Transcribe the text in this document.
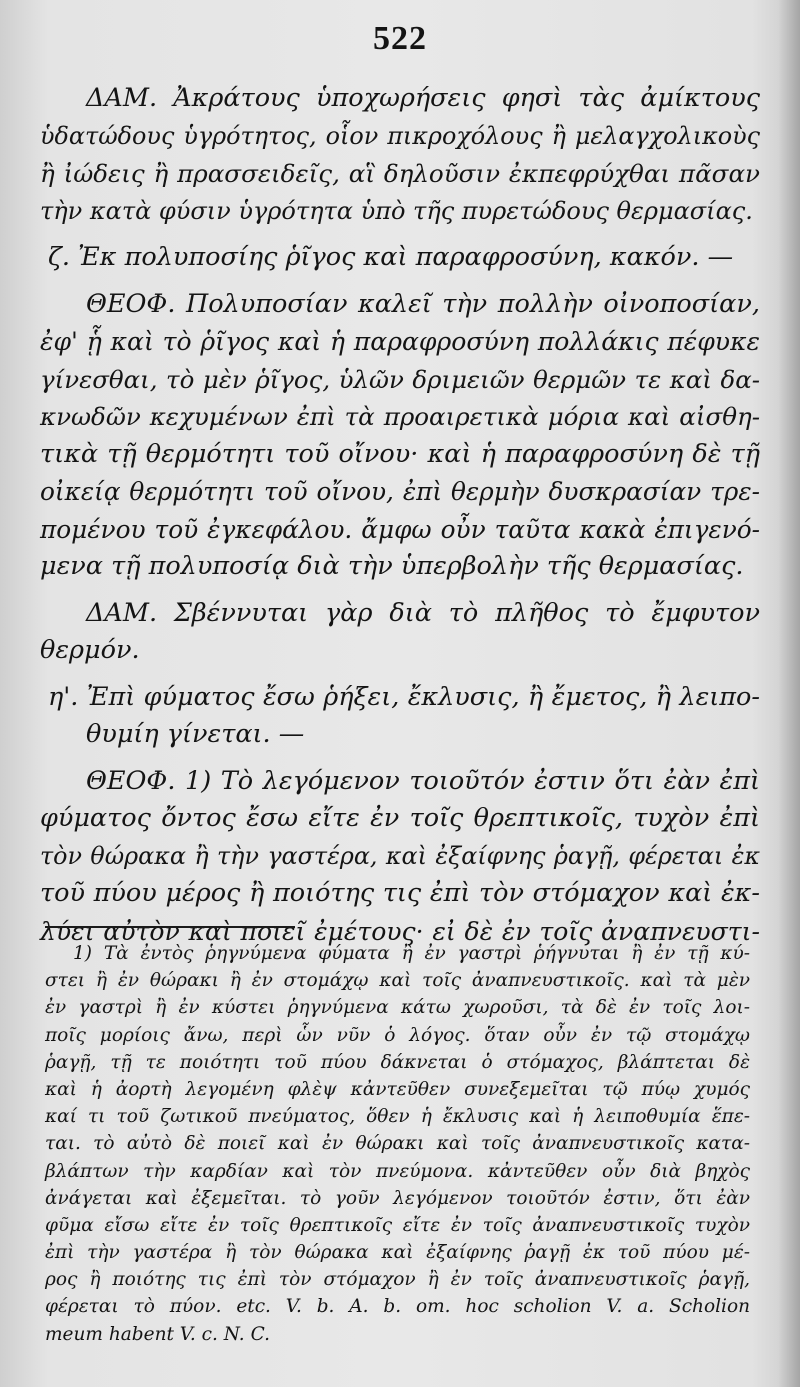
522
ΔΑΜ. Ἀκράτους ὑποχωρήσεις φησὶ τὰς ἀμίκτους
ὑδατώδους ὑγρότητος, οἷον πικροχόλους ἢ μελαγχολικοὺς
ἢ ἰώδεις ἢ πρασσειδεῖς, αἳ δηλοῦσιν ἐκπεφρύχθαι πᾶσαν
τὴν κατὰ φύσιν ὑγρότητα ὑπὸ τῆς πυρετώδους θερμασίας.
ζ. Ἐκ πολυποσίης ῥῖγος καὶ παραφροσύνη, κακόν. —
ΘΕΟΦ. Πολυποσίαν καλεῖ τὴν πολλὴν οἰνοποσίαν,
ἐφ' ᾗ καὶ τὸ ῥῖγος καὶ ἡ παραφροσύνη πολλάκις πέφυκε
γίνεσθαι, τὸ μὲν ῥῖγος, ὑλῶν δριμειῶν θερμῶν τε καὶ δα-
κνωδῶν κεχυμένων ἐπὶ τὰ προαιρετικὰ μόρια καὶ αἰσθη-
τικὰ τῇ θερμότητι τοῦ οἴνου· καὶ ἡ παραφροσύνη δὲ τῇ
οἰκείᾳ θερμότητι τοῦ οἴνου, ἐπὶ θερμὴν δυσκρασίαν τρε-
πομένου τοῦ ἐγκεφάλου. ἄμφω οὖν ταῦτα κακὰ ἐπιγενό-
μενα τῇ πολυποσίᾳ διὰ τὴν ὑπερβολὴν τῆς θερμασίας.
ΔΑΜ. Σβέννυται γὰρ διὰ τὸ πλῆθος τὸ ἔμφυτον
θερμόν.
η'. Ἐπὶ φύματος ἔσω ῥήξει, ἔκλυσις, ἢ ἔμετος, ἢ λειπο-
θυμίη γίνεται. —
ΘΕΟΦ. 1) Τὸ λεγόμενον τοιοῦτόν ἐστιν ὅτι ἐὰν ἐπὶ
φύματος ὄντος ἔσω εἴτε ἐν τοῖς θρεπτικοῖς, τυχὸν ἐπὶ
τὸν θώρακα ἢ τὴν γαστέρα, καὶ ἐξαίφνης ῥαγῇ, φέρεται ἐκ
τοῦ πύου μέρος ἢ ποιότης τις ἐπὶ τὸν στόμαχον καὶ ἐκ-
λύει αὐτὸν καὶ ποιεῖ ἐμέτους· εἰ δὲ ἐν τοῖς ἀναπνευστι-
1) Τὰ ἐντὸς ῥηγνύμενα φύματα ἢ ἐν γαστρὶ ῥήγνυται ἢ ἐν τῇ κύ-
στει ἢ ἐν θώρακι ἢ ἐν στομάχῳ καὶ τοῖς ἀναπνευστικοῖς. καὶ τὰ μὲν
ἐν γαστρὶ ἢ ἐν κύστει ῥηγνύμενα κάτω χωροῦσι, τὰ δὲ ἐν τοῖς λοι-
ποῖς μορίοις ἄνω, περὶ ὧν νῦν ὁ λόγος. ὅταν οὖν ἐν τῷ στομάχῳ
ῥαγῇ, τῇ τε ποιότητι τοῦ πύου δάκνεται ὁ στόμαχος, βλάπτεται δὲ
καὶ ἡ ἀορτὴ λεγομένη φλὲψ κἀντεῦθεν συνεξεμεῖται τῷ πύῳ χυμός
καί τι τοῦ ζωτικοῦ πνεύματος, ὅθεν ἡ ἔκλυσις καὶ ἡ λειποθυμία ἕπε-
ται. τὸ αὐτὸ δὲ ποιεῖ καὶ ἐν θώρακι καὶ τοῖς ἀναπνευστικοῖς κατα-
βλάπτων τὴν καρδίαν καὶ τὸν πνεύμονα. κἀντεῦθεν οὖν διὰ βηχὸς
ἀνάγεται καὶ ἐξεμεῖται. τὸ γοῦν λεγόμενον τοιοῦτόν ἐστιν, ὅτι ἐὰν
φῦμα εἴσω εἴτε ἐν τοῖς θρεπτικοῖς εἴτε ἐν τοῖς ἀναπνευστικοῖς τυχὸν
ἐπὶ τὴν γαστέρα ἢ τὸν θώρακα καὶ ἐξαίφνης ῥαγῇ ἐκ τοῦ πύου μέ-
ρος ἢ ποιότης τις ἐπὶ τὸν στόμαχον ἢ ἐν τοῖς ἀναπνευστικοῖς ῥαγῇ,
φέρεται τὸ πύον. etc. V. b. A. b. om. hoc scholion V. a. Scholion
meum habent V. c. N. C.
